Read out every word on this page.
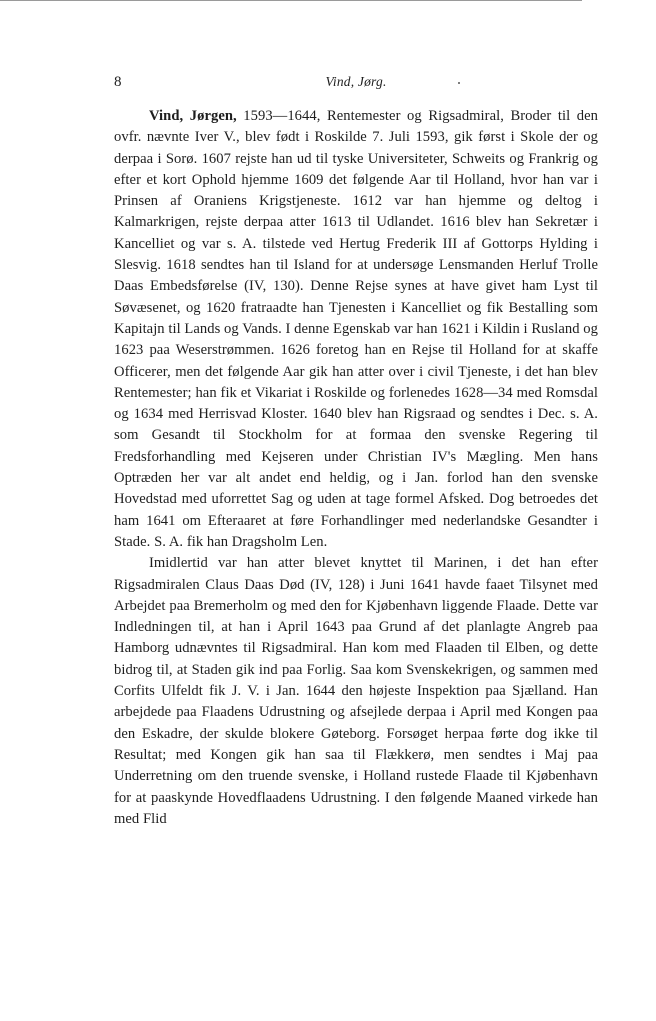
8	Vind, Jørg.

Vind, Jørgen, 1593—1644, Rentemester og Rigsadmiral, Broder til den ovfr. nævnte Iver V., blev født i Roskilde 7. Juli 1593, gik først i Skole der og derpaa i Sorø. 1607 rejste han ud til tyske Universiteter, Schweits og Frankrig og efter et kort Ophold hjemme 1609 det følgende Aar til Holland, hvor han var i Prinsen af Oraniens Krigstjeneste. 1612 var han hjemme og deltog i Kalmarkrigen, rejste derpaa atter 1613 til Udlandet. 1616 blev han Sekretær i Kancelliet og var s. A. tilstede ved Hertug Frederik III af Gottorps Hylding i Slesvig. 1618 sendtes han til Island for at undersøge Lensmanden Herluf Trolle Daas Embedsførelse (IV, 130). Denne Rejse synes at have givet ham Lyst til Søvæsenet, og 1620 fratraadte han Tjenesten i Kancelliet og fik Bestalling som Kapitajn til Lands og Vands. I denne Egenskab var han 1621 i Kildin i Rusland og 1623 paa Weserstrømmen. 1626 foretog han en Rejse til Holland for at skaffe Officerer, men det følgende Aar gik han atter over i civil Tjeneste, i det han blev Rentemester; han fik et Vikariat i Roskilde og forlenedes 1628—34 med Romsdal og 1634 med Herrisvad Kloster. 1640 blev han Rigsraad og sendtes i Dec. s. A. som Gesandt til Stockholm for at formaa den svenske Regering til Fredsforhandling med Kejseren under Christian IV's Mægling. Men hans Optræden her var alt andet end heldig, og i Jan. forlod han den svenske Hovedstad med uforrettet Sag og uden at tage formel Afsked. Dog betroedes det ham 1641 om Efteraaret at føre Forhandlinger med nederlandske Gesandter i Stade. S. A. fik han Dragsholm Len.

Imidlertid var han atter blevet knyttet til Marinen, i det han efter Rigsadmiralen Claus Daas Død (IV, 128) i Juni 1641 havde faaet Tilsynet med Arbejdet paa Bremerholm og med den for Kjøbenhavn liggende Flaade. Dette var Indledningen til, at han i April 1643 paa Grund af det planlagte Angreb paa Hamborg udnævntes til Rigsadmiral. Han kom med Flaaden til Elben, og dette bidrog til, at Staden gik ind paa Forlig. Saa kom Svenskekrigen, og sammen med Corfits Ulfeldt fik J. V. i Jan. 1644 den højeste Inspektion paa Sjælland. Han arbejdede paa Flaadens Udrustning og afsejlede derpaa i April med Kongen paa den Eskadre, der skulde blokere Gøteborg. Forsøget herpaa førte dog ikke til Resultat; med Kongen gik han saa til Flækkerø, men sendtes i Maj paa Underretning om den truende svenske, i Holland rustede Flaade til Kjøbenhavn for at paaskynde Hovedflaadens Udrustning. I den følgende Maaned virkede han med Flid
